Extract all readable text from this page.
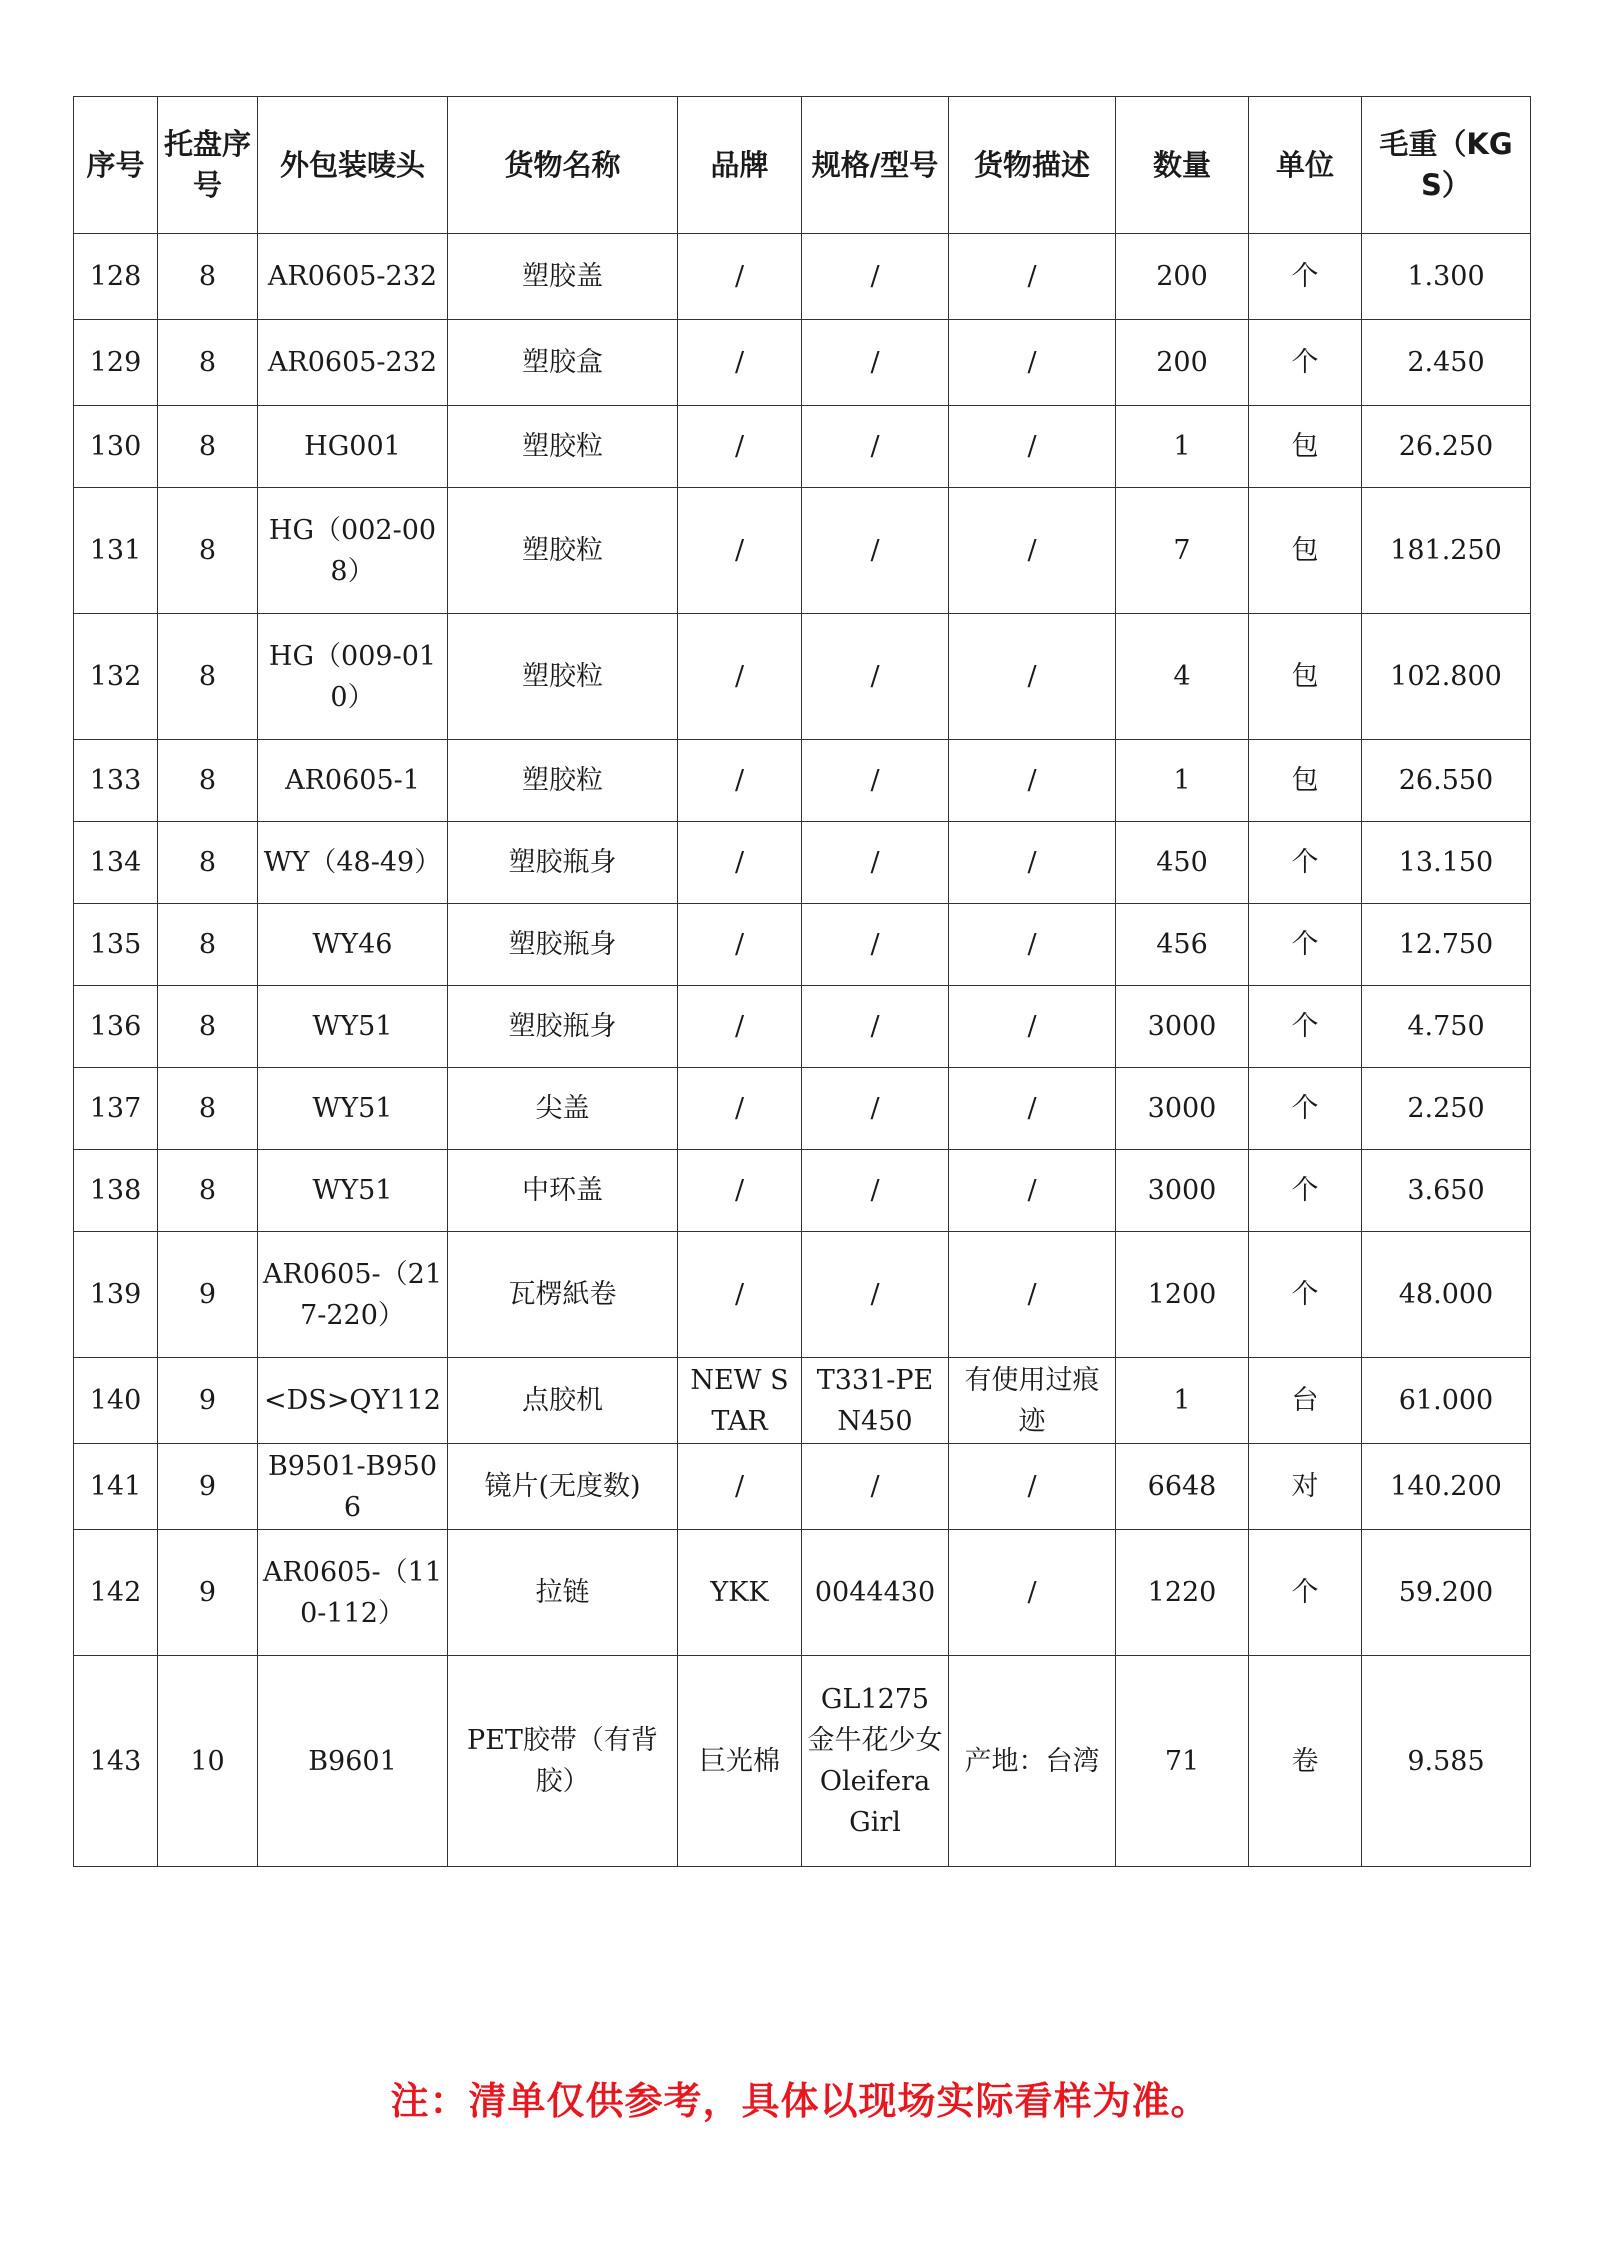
序号	托盘序号	外包装唛头	货物名称	品牌	规格/型号	货物描述	数量	单位	毛重（KGS）
128	8	AR0605-232	塑胶盖	/	/	/	200	个	1.300
129	8	AR0605-232	塑胶盒	/	/	/	200	个	2.450
130	8	HG001	塑胶粒	/	/	/	1	包	26.250
131	8	HG（002-008）	塑胶粒	/	/	/	7	包	181.250
132	8	HG（009-010）	塑胶粒	/	/	/	4	包	102.800
133	8	AR0605-1	塑胶粒	/	/	/	1	包	26.550
134	8	WY（48-49）	塑胶瓶身	/	/	/	450	个	13.150
135	8	WY46	塑胶瓶身	/	/	/	456	个	12.750
136	8	WY51	塑胶瓶身	/	/	/	3000	个	4.750
137	8	WY51	尖盖	/	/	/	3000	个	2.250
138	8	WY51	中环盖	/	/	/	3000	个	3.650
139	9	AR0605-（217-220）	瓦楞紙卷	/	/	/	1200	个	48.000
140	9	<DS>QY112	点胶机	NEW STAR	T331-PEN450	有使用过痕迹	1	台	61.000
141	9	B9501-B9506	镜片(无度数)	/	/	/	6648	对	140.200
142	9	AR0605-（110-112）	拉链	YKK	0044430	/	1220	个	59.200
143	10	B9601	PET胶带（有背胶）	巨光棉	GL1275 金牛花少女 Oleifera Girl	产地：台湾	71	卷	9.585
注：清单仅供参考，具体以现场实际看样为准。
